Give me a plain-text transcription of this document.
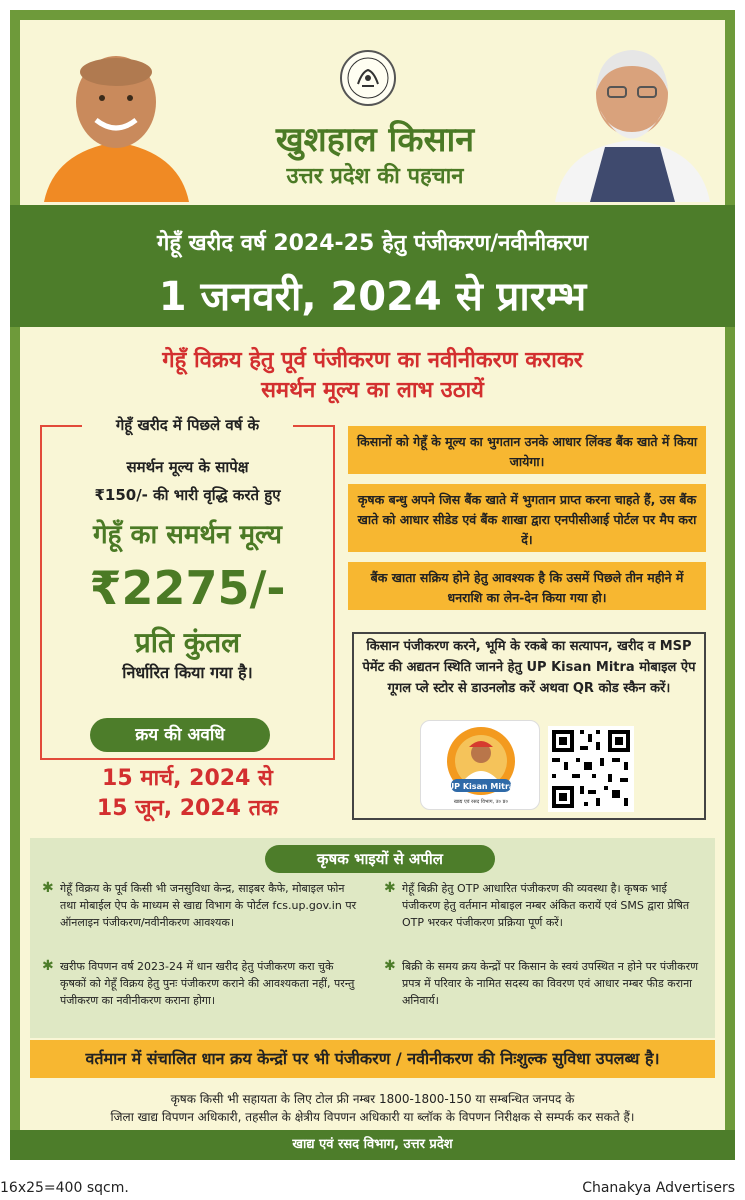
खुशहाल किसान
उत्तर प्रदेश की पहचान
गेहूँ खरीद वर्ष 2024-25 हेतु पंजीकरण/नवीनीकरण
1 जनवरी, 2024 से प्रारम्भ
गेहूँ विक्रय हेतु पूर्व पंजीकरण का नवीनीकरण कराकर
समर्थन मूल्य का लाभ उठायें
गेहूँ खरीद में पिछले वर्ष के
समर्थन मूल्य के सापेक्ष
₹150/- की भारी वृद्धि करते हुए
गेहूँ का समर्थन मूल्य
₹2275/-
प्रति कुंतल
निर्धारित किया गया है।
क्रय की अवधि
15 मार्च, 2024 से
15 जून, 2024 तक
किसानों को गेहूँ के मूल्य का भुगतान उनके आधार लिंक्ड बैंक खाते में किया जायेगा।
कृषक बन्धु अपने जिस बैंक खाते में भुगतान प्राप्त करना चाहते हैं, उस बैंक खाते को आधार सीडेड एवं बैंक शाखा द्वारा एनपीसीआई पोर्टल पर मैप करा दें।
बैंक खाता सक्रिय होने हेतु आवश्यक है कि उसमें पिछले तीन महीने में धनराशि का लेन-देन किया गया हो।
किसान पंजीकरण करने, भूमि के रकबे का सत्यापन, खरीद व MSP पेमेंट की अद्यतन स्थिति जानने हेतु UP Kisan Mitra मोबाइल ऐप गूगल प्ले स्टोर से डाउनलोड करें अथवा QR कोड स्कैन करें।
UP Kisan Mitra
खाद्य एवं रसद विभाग, उ० प्र०
कृषक भाइयों से अपील
✱ गेहूँ विक्रय के पूर्व किसी भी जनसुविधा केन्द्र, साइबर कैफे, मोबाइल फोन तथा मोबाईल ऐप के माध्यम से खाद्य विभाग के पोर्टल fcs.up.gov.in पर ऑनलाइन पंजीकरण/नवीनीकरण आवश्यक।
✱ खरीफ विपणन वर्ष 2023-24 में धान खरीद हेतु पंजीकरण करा चुके कृषकों को गेहूँ विक्रय हेतु पुनः पंजीकरण कराने की आवश्यकता नहीं, परन्तु पंजीकरण का नवीनीकरण कराना होगा।
✱ गेहूँ बिक्री हेतु OTP आधारित पंजीकरण की व्यवस्था है। कृषक भाई पंजीकरण हेतु वर्तमान मोबाइल नम्बर अंकित करायें एवं SMS द्वारा प्रेषित OTP भरकर पंजीकरण प्रक्रिया पूर्ण करें।
✱ बिक्री के समय क्रय केन्द्रों पर किसान के स्वयं उपस्थित न होने पर पंजीकरण प्रपत्र में परिवार के नामित सदस्य का विवरण एवं आधार नम्बर फीड कराना अनिवार्य।
वर्तमान में संचालित धान क्रय केन्द्रों पर भी पंजीकरण / नवीनीकरण की निःशुल्क सुविधा उपलब्ध है।
कृषक किसी भी सहायता के लिए टोल फ्री नम्बर 1800-1800-150 या सम्बन्धित जनपद के
जिला खाद्य विपणन अधिकारी, तहसील के क्षेत्रीय विपणन अधिकारी या ब्लॉक के विपणन निरीक्षक से सम्पर्क कर सकते हैं।
खाद्य एवं रसद विभाग, उत्तर प्रदेश
16x25=400 sqcm.	Chanakya Advertisers
